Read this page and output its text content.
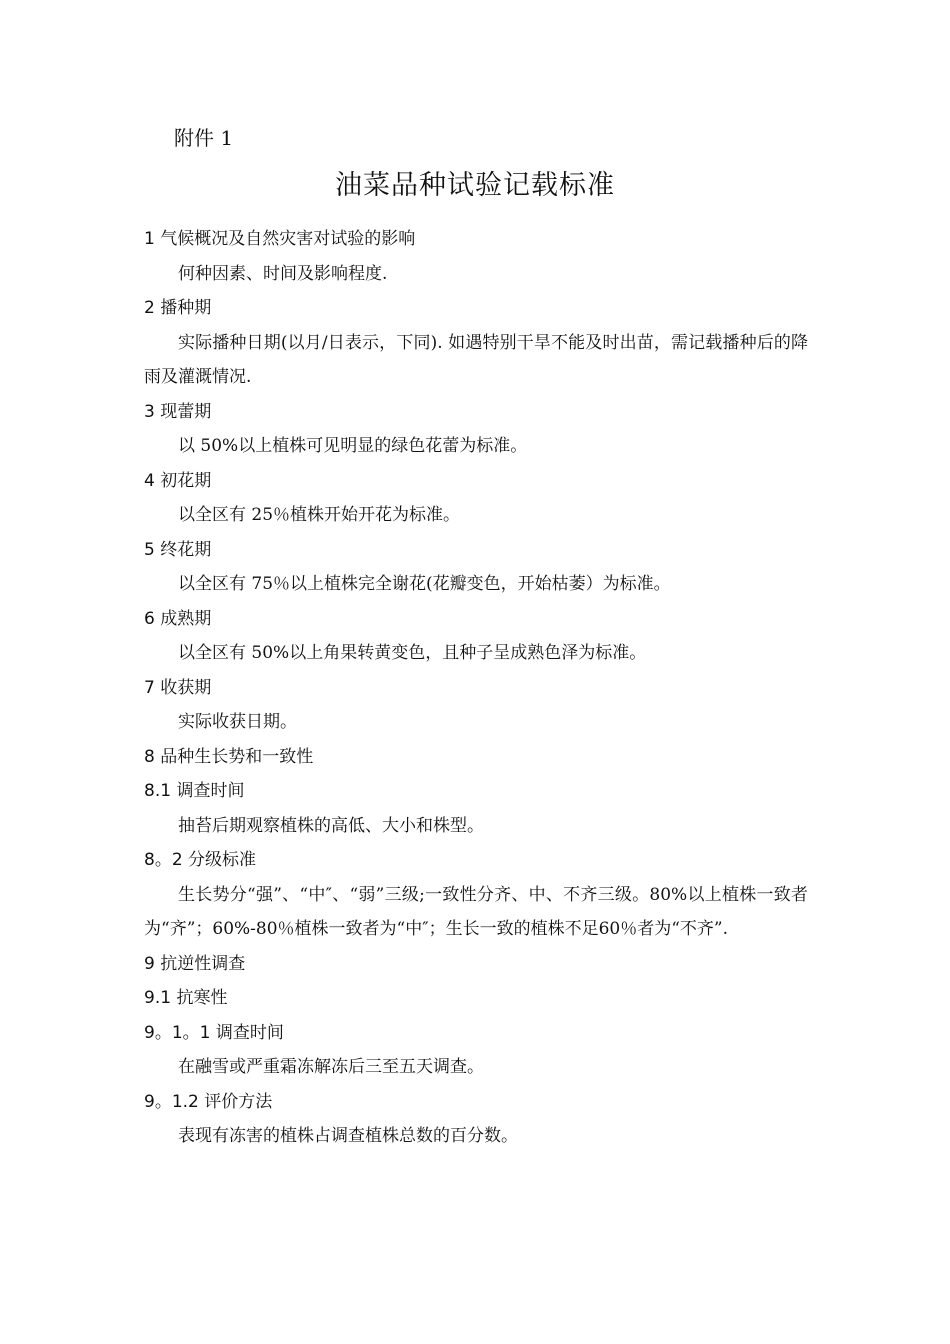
附件 1
油菜品种试验记载标准
1 气候概况及自然灾害对试验的影响
何种因素、时间及影响程度.
2 播种期
实际播种日期(以月/日表示，下同). 如遇特别干旱不能及时出苗，需记载播种后的降雨及灌溉情况.
3 现蕾期
以 50%以上植株可见明显的绿色花蕾为标准。
4 初花期
以全区有 25％植株开始开花为标准。
5 终花期
以全区有 75％以上植株完全谢花(花瓣变色，开始枯萎）为标准。
6 成熟期
以全区有 50%以上角果转黄变色，且种子呈成熟色泽为标准。
7 收获期
实际收获日期。
8 品种生长势和一致性
8.1 调查时间
抽苔后期观察植株的高低、大小和株型。
8。2 分级标准
生长势分“强”、“中″、“弱”三级;一致性分齐、中、不齐三级。80%以上植株一致者为“齐”；60%-80％植株一致者为“中″；生长一致的植株不足60％者为“不齐”.
9 抗逆性调查
9.1 抗寒性
9。1。1 调查时间
在融雪或严重霜冻解冻后三至五天调查。
9。1.2 评价方法
表现有冻害的植株占调查植株总数的百分数。
